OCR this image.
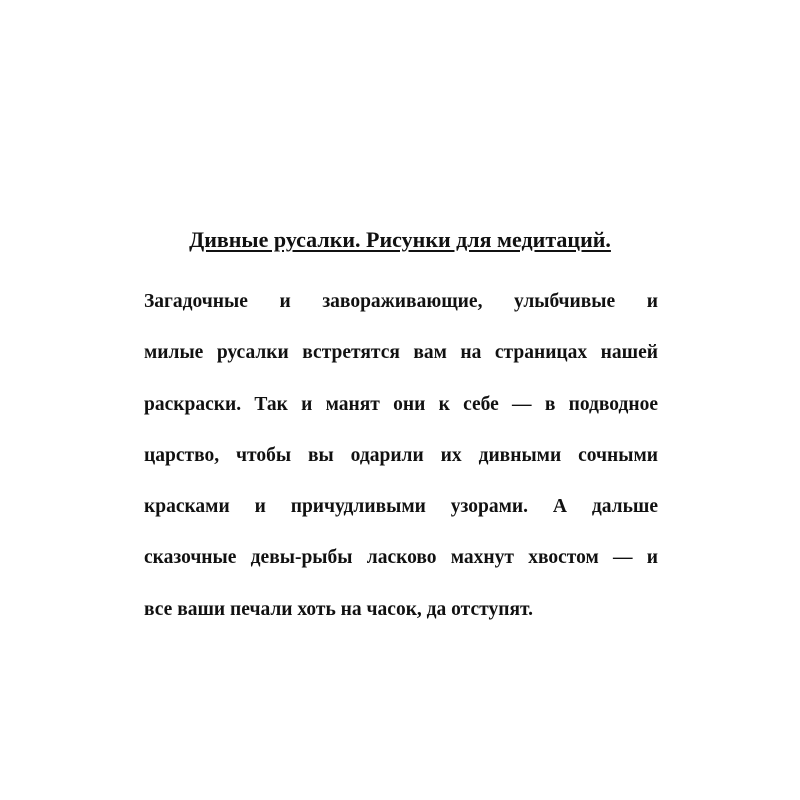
Дивные русалки. Рисунки для медитаций.
Загадочные и завораживающие, улыбчивые и
милые русалки встретятся вам на страницах нашей
раскраски. Так и манят они к себе — в подводное
царство, чтобы вы одарили их дивными сочными
красками и причудливыми узорами. А дальше
сказочные девы-рыбы ласково махнут хвостом — и
все ваши печали хоть на часок, да отступят.
